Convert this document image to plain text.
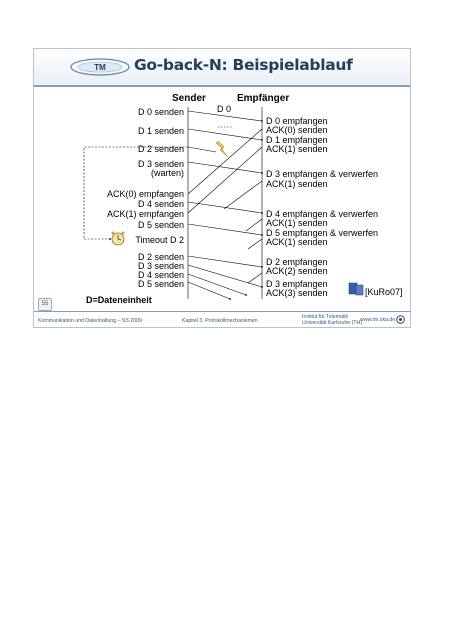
TM Go-back-N: Beispielablauf
Sender	Empfänger
D 0
D 0 senden
D 1 senden
D 2 senden
D 3 senden
(warten)
ACK(0) empfangen
D 4 senden
ACK(1) empfangen
D 5 senden
Timeout D 2
D 2 senden
D 3 senden
D 4 senden
D 5 senden
D 0 empfangen
ACK(0) senden
D 1 empfangen
ACK(1) senden
D 3 empfangen & verwerfen
ACK(1) senden
D 4 empfangen & verwerfen
ACK(1) senden
D 5 empfangen & verwerfen
ACK(1) senden
D 2 empfangen
ACK(2) senden
D 3 empfangen
ACK(3) senden	[KuRo07]
55	D=Dateneinheit
Kommunikation und Datenhaltung – SS 2009	Kapitel 3: Protokollmechanismen
Institut für Telematik
Universität Karlsruhe (TH)
www.tm.uka.de
